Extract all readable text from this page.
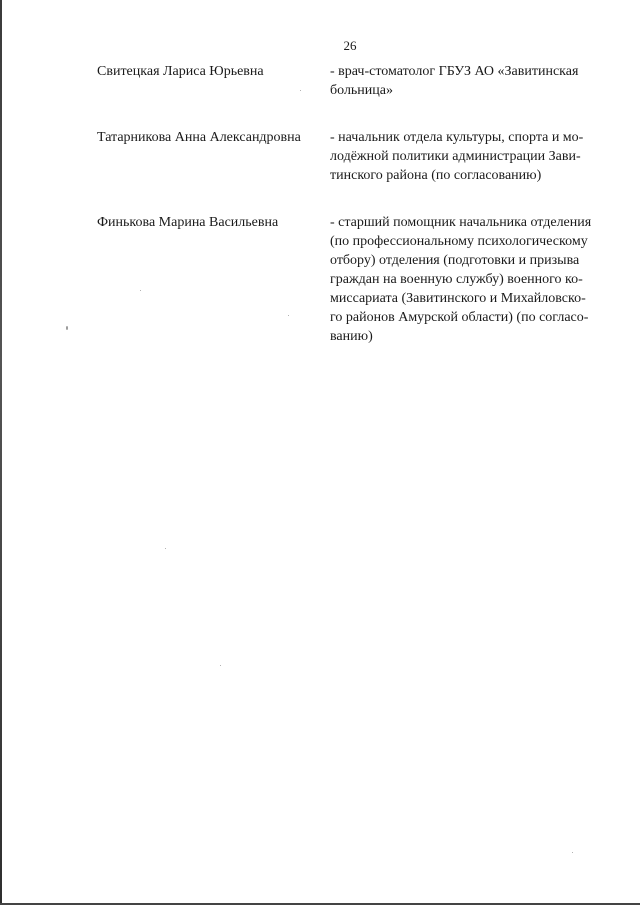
26
Свитецкая Лариса Юрьевна	- врач-стоматолог ГБУЗ АО «Завитинская
больница»
Татарникова Анна Александровна	- начальник отдела культуры, спорта и мо-
лодёжной политики администрации Зави-
тинского района (по согласованию)
Финькова Марина Васильевна	- старший помощник начальника отделения
(по профессиональному психологическому
отбору) отделения (подготовки и призыва
граждан на военную службу) военного ко-
миссариата (Завитинского и Михайловско-
го районов Амурской области) (по согласо-
ванию)
